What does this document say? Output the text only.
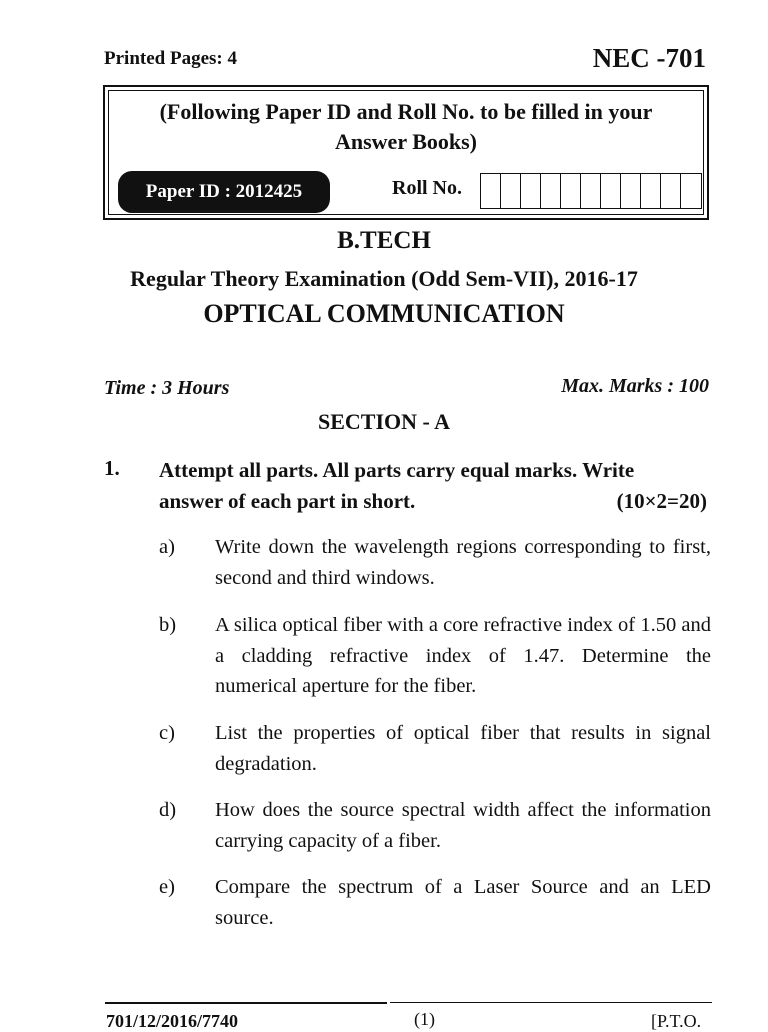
Printed Pages: 4	NEC -701
(Following Paper ID and Roll No. to be filled in your
Answer Books)
Paper ID : 2012425	Roll No.
B.TECH
Regular Theory Examination (Odd Sem-VII), 2016-17
OPTICAL COMMUNICATION
Time : 3 Hours	Max. Marks : 100
SECTION - A
1. Attempt all parts. All parts carry equal marks. Write
answer of each part in short.	(10×2=20)
a) Write down the wavelength regions corresponding to first, second and third windows.
b) A silica optical fiber with a core refractive index of 1.50 and a cladding refractive index of 1.47. Determine the numerical aperture for the fiber.
c) List the properties of optical fiber that results in signal degradation.
d) How does the source spectral width affect the information carrying capacity of a fiber.
e) Compare the spectrum of a Laser Source and an LED source.
701/12/2016/7740	(1)	[P.T.O.
